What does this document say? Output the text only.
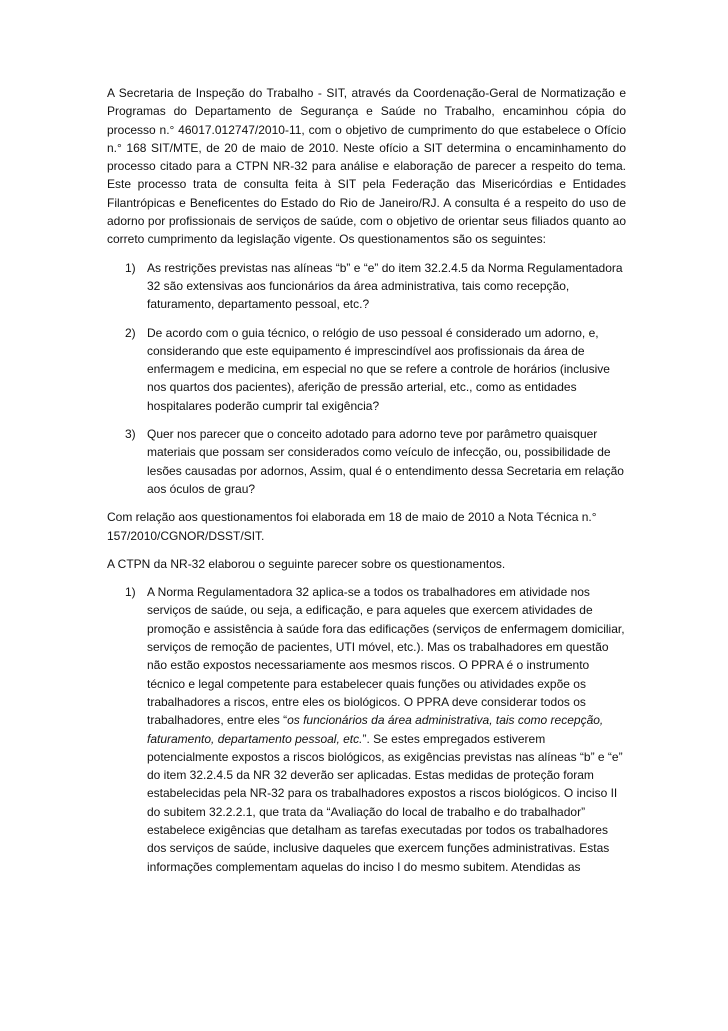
A Secretaria de Inspeção do Trabalho - SIT, através da Coordenação-Geral de Normatização e Programas do Departamento de Segurança e Saúde no Trabalho, encaminhou cópia do processo n.° 46017.012747/2010-11, com o objetivo de cumprimento do que estabelece o Ofício n.° 168 SIT/MTE, de 20 de maio de 2010. Neste ofício a SIT determina o encaminhamento do processo citado para a CTPN NR-32 para análise e elaboração de parecer a respeito do tema. Este processo trata de consulta feita à SIT pela Federação das Misericórdias e Entidades Filantrópicas e Beneficentes do Estado do Rio de Janeiro/RJ. A consulta é a respeito do uso de adorno por profissionais de serviços de saúde, com o objetivo de orientar seus filiados quanto ao correto cumprimento da legislação vigente. Os questionamentos são os seguintes:

1) As restrições previstas nas alíneas “b” e “e” do item 32.2.4.5 da Norma Regulamentadora 32 são extensivas aos funcionários da área administrativa, tais como recepção, faturamento, departamento pessoal, etc.?
2) De acordo com o guia técnico, o relógio de uso pessoal é considerado um adorno, e, considerando que este equipamento é imprescindível aos profissionais da área de enfermagem e medicina, em especial no que se refere a controle de horários (inclusive nos quartos dos pacientes), aferição de pressão arterial, etc., como as entidades hospitalares poderão cumprir tal exigência?
3) Quer nos parecer que o conceito adotado para adorno teve por parâmetro quaisquer materiais que possam ser considerados como veículo de infecção, ou, possibilidade de lesões causadas por adornos, Assim, qual é o entendimento dessa Secretaria em relação aos óculos de grau?

Com relação aos questionamentos foi elaborada em 18 de maio de 2010 a Nota Técnica n.° 157/2010/CGNOR/DSST/SIT.

A CTPN da NR-32 elaborou o seguinte parecer sobre os questionamentos.

1) A Norma Regulamentadora 32 aplica-se a todos os trabalhadores em atividade nos serviços de saúde, ou seja, a edificação, e para aqueles que exercem atividades de promoção e assistência à saúde fora das edificações (serviços de enfermagem domiciliar, serviços de remoção de pacientes, UTI móvel, etc.). Mas os trabalhadores em questão não estão expostos necessariamente aos mesmos riscos. O PPRA é o instrumento técnico e legal competente para estabelecer quais funções ou atividades expõe os trabalhadores a riscos, entre eles os biológicos. O PPRA deve considerar todos os trabalhadores, entre eles “os funcionários da área administrativa, tais como recepção, faturamento, departamento pessoal, etc.”. Se estes empregados estiverem potencialmente expostos a riscos biológicos, as exigências previstas nas alíneas “b” e “e” do item 32.2.4.5 da NR 32 deverão ser aplicadas. Estas medidas de proteção foram estabelecidas pela NR-32 para os trabalhadores expostos a riscos biológicos. O inciso II do subitem 32.2.2.1, que trata da “Avaliação do local de trabalho e do trabalhador” estabelece exigências que detalham as tarefas executadas por todos os trabalhadores dos serviços de saúde, inclusive daqueles que exercem funções administrativas. Estas informações complementam aquelas do inciso I do mesmo subitem. Atendidas as
